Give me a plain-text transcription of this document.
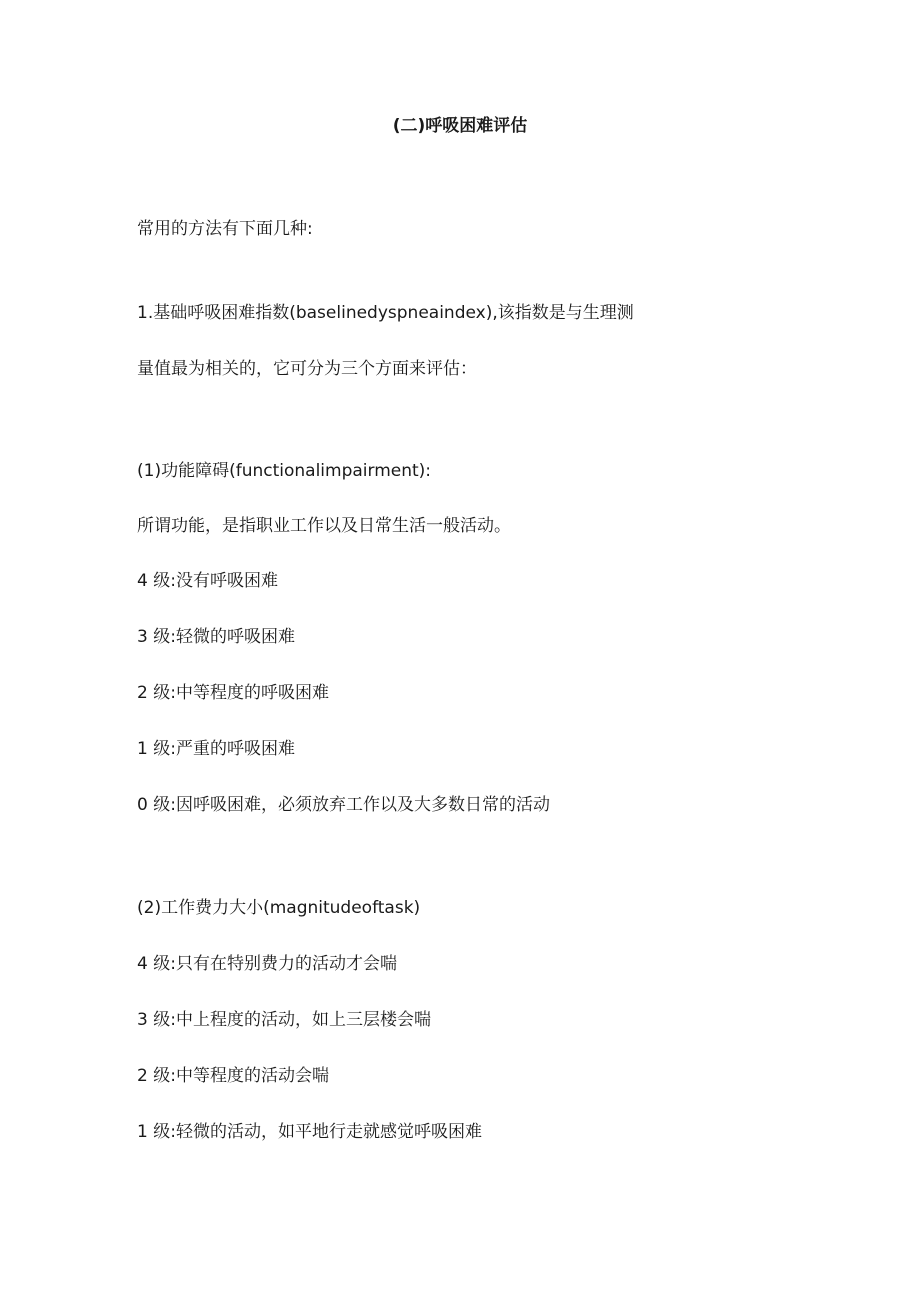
(二)呼吸困难评估
常用的方法有下面几种:
1.基础呼吸困难指数(baselinedyspneaindex),该指数是与生理测
量值最为相关的，它可分为三个方面来评估：
(1)功能障碍(functionalimpairment):
所谓功能，是指职业工作以及日常生活一般活动。
4 级:没有呼吸困难
3 级:轻微的呼吸困难
2 级:中等程度的呼吸困难
1 级:严重的呼吸困难
0 级:因呼吸困难，必须放弃工作以及大多数日常的活动
(2)工作费力大小(magnitudeoftask)
4 级:只有在特别费力的活动才会喘
3 级:中上程度的活动，如上三层楼会喘
2 级:中等程度的活动会喘
1 级:轻微的活动，如平地行走就感觉呼吸困难
